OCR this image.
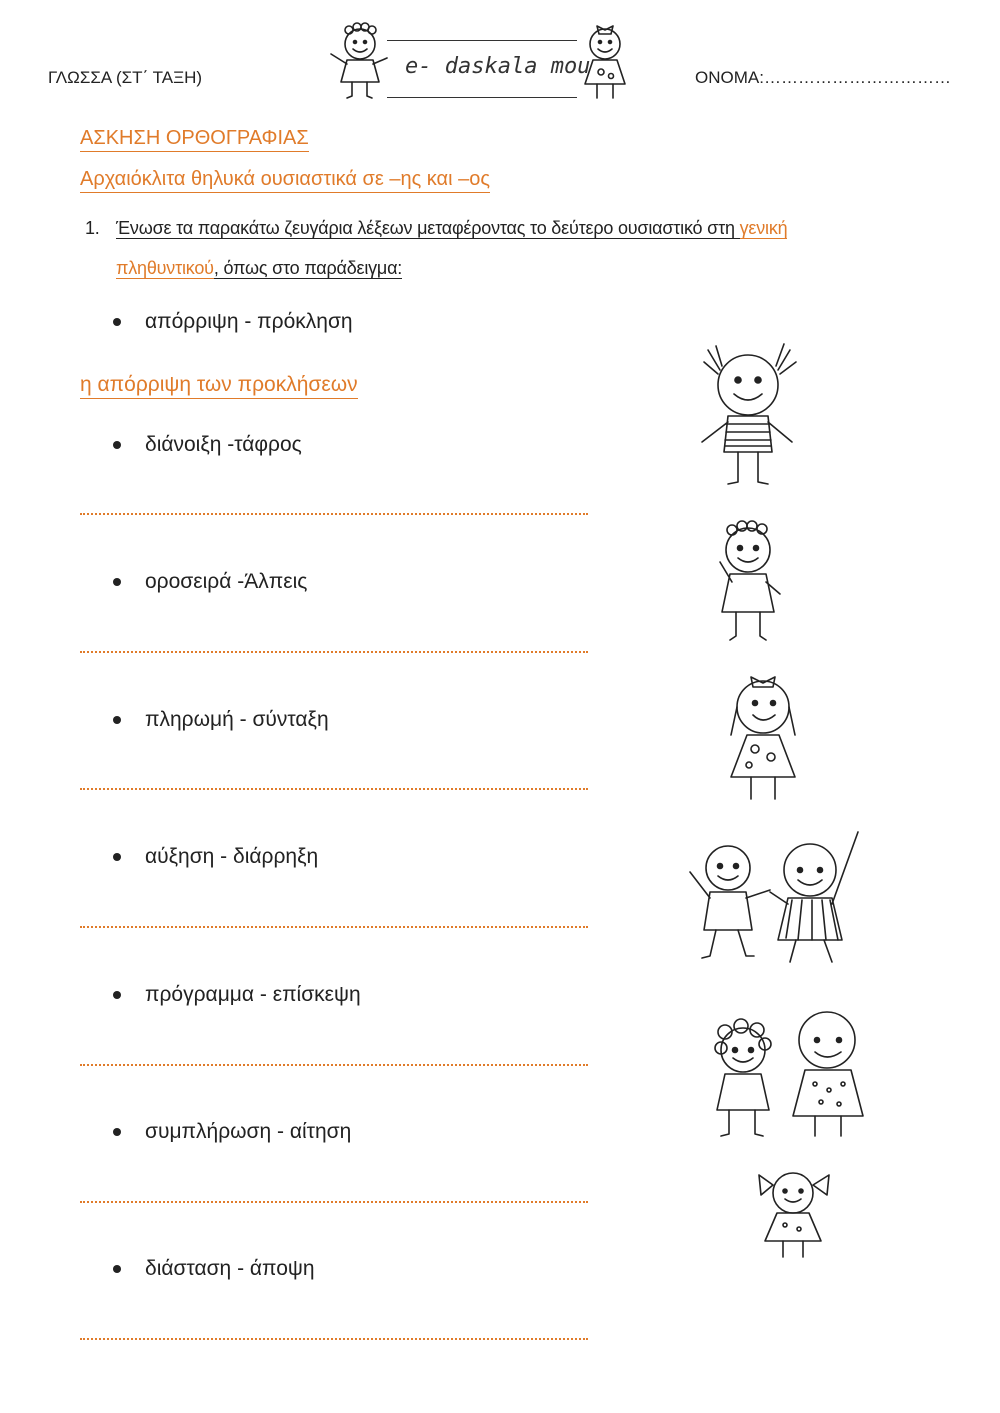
ΓΛΩΣΣΑ (ΣΤ΄ ΤΑΞΗ)	e- daskala mou	ΟΝΟΜΑ:……………………………
ΑΣΚΗΣΗ ΟΡΘΟΓΡΑΦΙΑΣ
Αρχαιόκλιτα θηλυκά ουσιαστικά σε –ης και –ος
1. Ένωσε τα παρακάτω ζευγάρια λέξεων μεταφέροντας το δεύτερο ουσιαστικό στη γενική
πληθυντικού, όπως στο παράδειγμα:
απόρριψη - πρόκληση
η απόρριψη των προκλήσεων
διάνοιξη -τάφρος
οροσειρά -Άλπεις
πληρωμή - σύνταξη
αύξηση - διάρρηξη
πρόγραμμα - επίσκεψη
συμπλήρωση - αίτηση
διάσταση - άποψη
